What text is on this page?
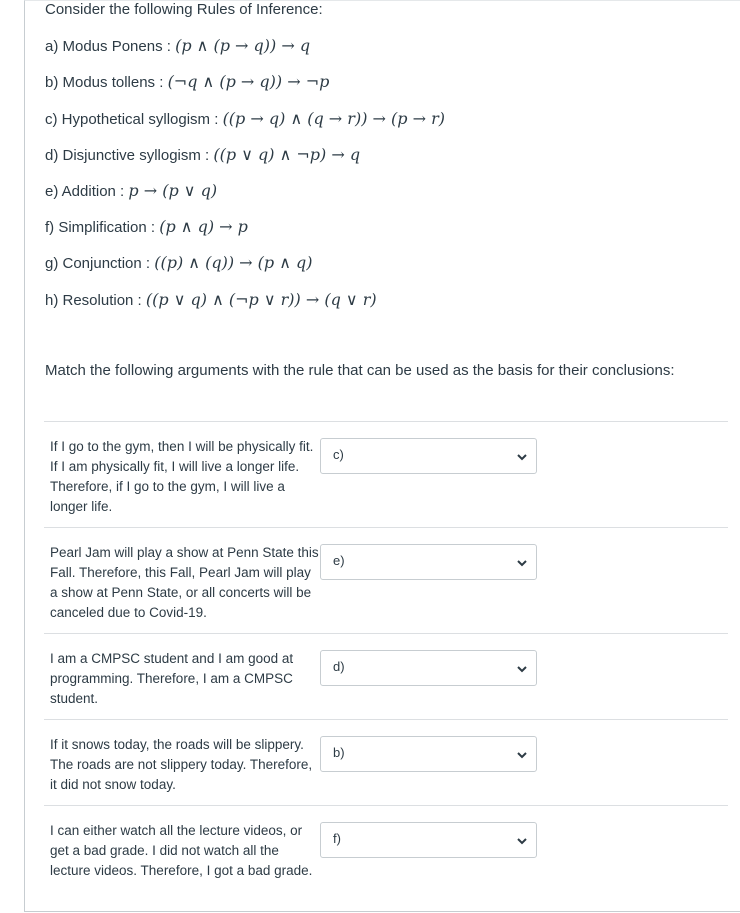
Consider the following Rules of Inference:
a) Modus Ponens : (p ∧ (p → q)) → q
b) Modus tollens : (¬q ∧ (p → q)) → ¬p
c) Hypothetical syllogism : ((p → q) ∧ (q → r)) → (p → r)
d) Disjunctive syllogism : ((p ∨ q) ∧ ¬p) → q
e) Addition : p → (p ∨ q)
f) Simplification : (p ∧ q) → p
g) Conjunction : ((p) ∧ (q)) → (p ∧ q)
h) Resolution : ((p ∨ q) ∧ (¬p ∨ r)) → (q ∨ r)
Match the following arguments with the rule that can be used as the basis for their conclusions:
If I go to the gym, then I will be physically fit. If I am physically fit, I will live a longer life. Therefore, if I go to the gym, I will live a longer life.
c)
Pearl Jam will play a show at Penn State this Fall. Therefore, this Fall, Pearl Jam will play a show at Penn State, or all concerts will be canceled due to Covid-19.
e)
I am a CMPSC student and I am good at programming. Therefore, I am a CMPSC student.
d)
If it snows today, the roads will be slippery. The roads are not slippery today. Therefore, it did not snow today.
b)
I can either watch all the lecture videos, or get a bad grade. I did not watch all the lecture videos. Therefore, I got a bad grade.
f)
